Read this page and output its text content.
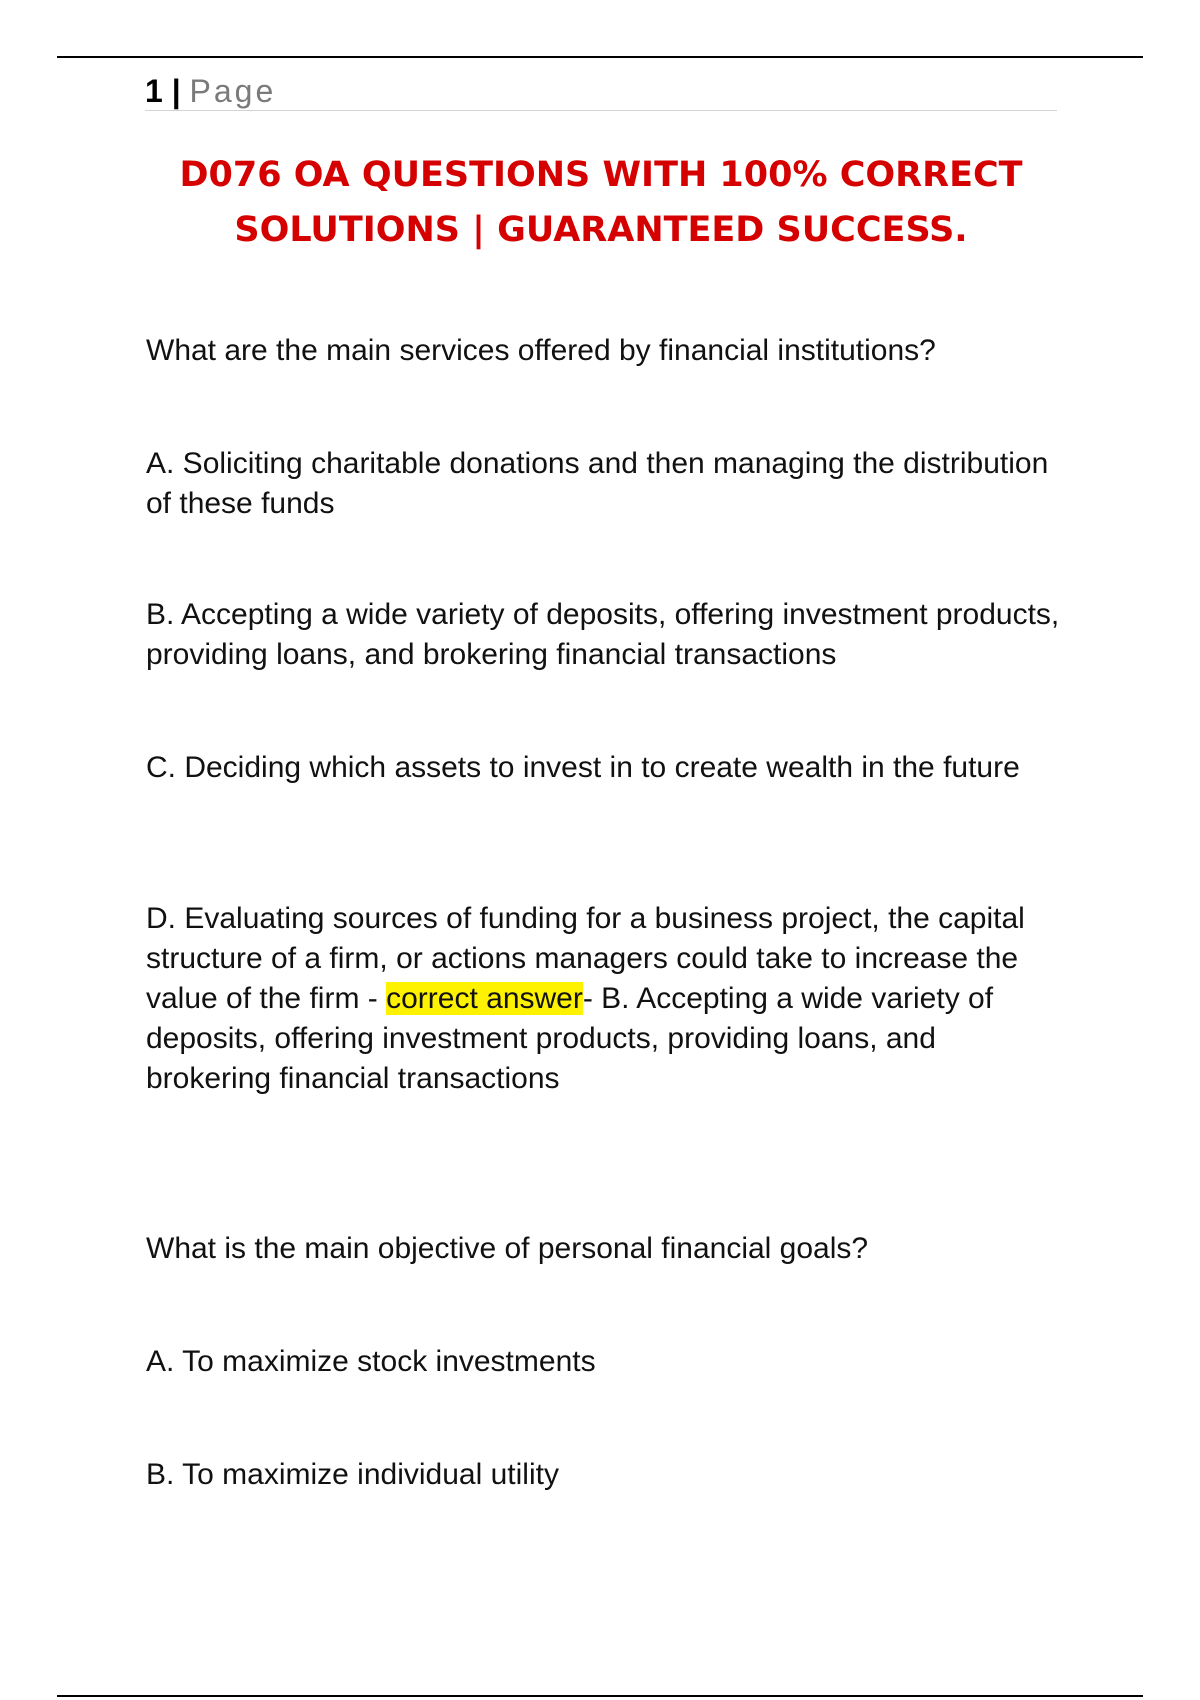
1 | Page
D076 OA QUESTIONS WITH 100% CORRECT
SOLUTIONS | GUARANTEED SUCCESS.

What are the main services offered by financial institutions?

A. Soliciting charitable donations and then managing the distribution of these funds

B. Accepting a wide variety of deposits, offering investment products, providing loans, and brokering financial transactions

C. Deciding which assets to invest in to create wealth in the future

D. Evaluating sources of funding for a business project, the capital structure of a firm, or actions managers could take to increase the value of the firm - correct answer- B. Accepting a wide variety of deposits, offering investment products, providing loans, and brokering financial transactions

What is the main objective of personal financial goals?

A. To maximize stock investments

B. To maximize individual utility
